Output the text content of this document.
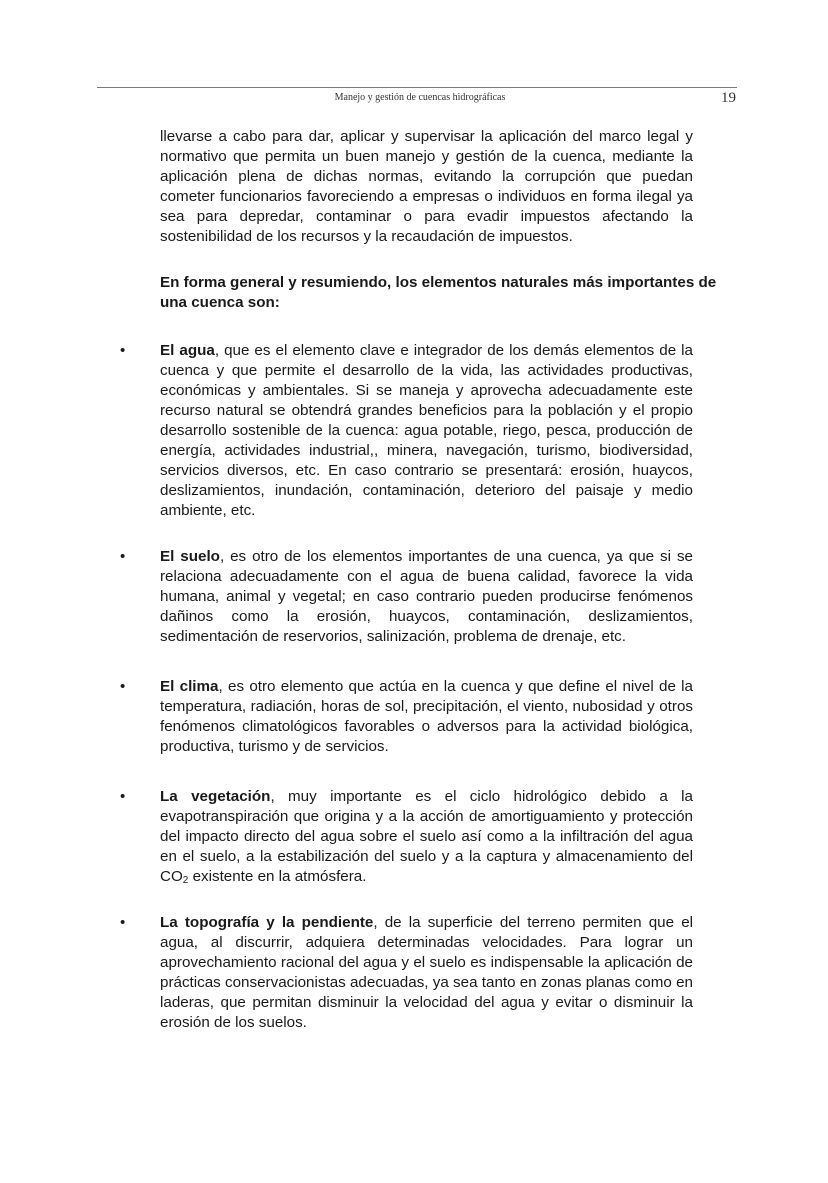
Manejo y gestión de cuencas hidrográficas	19

llevarse a cabo para dar, aplicar y supervisar la aplicación del marco legal y normativo que permita un buen manejo y gestión de la cuenca, mediante la aplicación plena de dichas normas, evitando la corrupción que puedan cometer funcionarios favoreciendo a empresas o individuos en forma ilegal ya sea para depredar, contaminar o para evadir impuestos afectando la sostenibilidad de los recursos y la recaudación de impuestos.

En forma general y resumiendo, los elementos naturales más importantes de una cuenca son:

•	El agua, que es el elemento clave e integrador de los demás elementos de la cuenca y que permite el desarrollo de la vida, las actividades productivas, económicas y ambientales. Si se maneja y aprovecha adecuadamente este recurso natural se obtendrá grandes beneficios para la población y el propio desarrollo sostenible de la cuenca: agua potable, riego, pesca, producción de energía, actividades industrial,, minera, navegación, turismo, biodiversidad, servicios diversos, etc. En caso contrario se presentará: erosión, huaycos, deslizamientos, inundación, contaminación, deterioro del paisaje y medio ambiente, etc.
•	El suelo, es otro de los elementos importantes de una cuenca, ya que si se relaciona adecuadamente con el agua de buena calidad, favorece la vida humana, animal y vegetal; en caso contrario pueden producirse fenómenos dañinos como la erosión, huaycos, contaminación, deslizamientos, sedimentación de reservorios, salinización, problema de drenaje, etc.
•	El clima, es otro elemento que actúa en la cuenca y que define el nivel de la temperatura, radiación, horas de sol, precipitación, el viento, nubosidad y otros fenómenos climatológicos favorables o adversos para la actividad biológica, productiva, turismo y de servicios.
•	La vegetación, muy importante es el ciclo hidrológico debido a la evapotranspiración que origina y a la acción de amortiguamiento y protección del impacto directo del agua sobre el suelo así como a la infiltración del agua en el suelo, a la estabilización del suelo y a la captura y almacenamiento del $CO_2$ existente en la atmósfera.
•	La topografía y la pendiente, de la superficie del terreno permiten que el agua, al discurrir, adquiera determinadas velocidades. Para lograr un aprovechamiento racional del agua y el suelo es indispensable la aplicación de prácticas conservacionistas adecuadas, ya sea tanto en zonas planas como en laderas, que permitan disminuir la velocidad del agua y evitar o disminuir la erosión de los suelos.
